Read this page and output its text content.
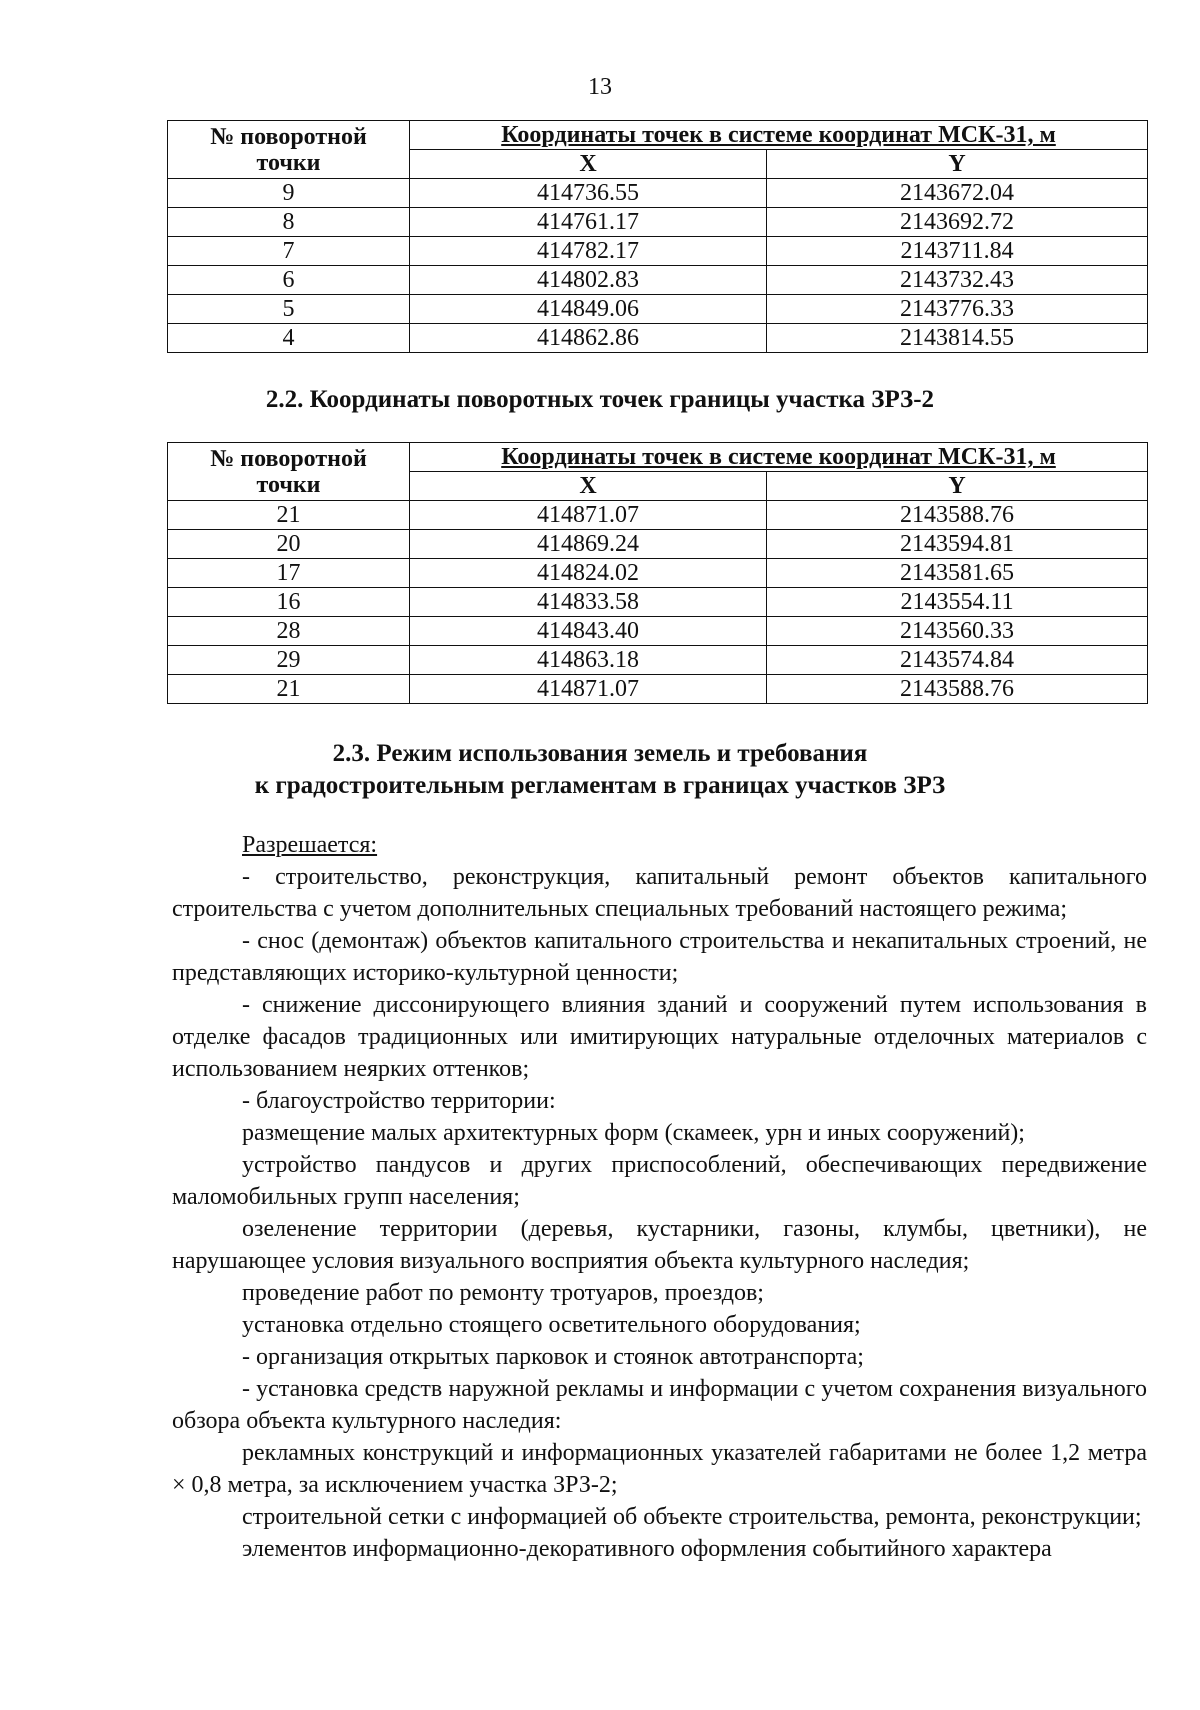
13
№ поворотной
точки	Координаты точек в системе координат МСК-31, м	
	X	Y
9	414736.55	2143672.04
8	414761.17	2143692.72
7	414782.17	2143711.84
6	414802.83	2143732.43
5	414849.06	2143776.33
4	414862.86	2143814.55
2.2. Координаты поворотных точек границы участка ЗРЗ-2
№ поворотной
точки	Координаты точек в системе координат МСК-31, м	
	X	Y
21	414871.07	2143588.76
20	414869.24	2143594.81
17	414824.02	2143581.65
16	414833.58	2143554.11
28	414843.40	2143560.33
29	414863.18	2143574.84
21	414871.07	2143588.76
2.3. Режим использования земель и требования
к градостроительным регламентам в границах участков ЗРЗ

Разрешается:

- строительство, реконструкция, капитальный ремонт объектов капитального строительства с учетом дополнительных специальных требований настоящего режима;

- снос (демонтаж) объектов капитального строительства и некапитальных строений, не представляющих историко-культурной ценности;

- снижение диссонирующего влияния зданий и сооружений путем использования в отделке фасадов традиционных или имитирующих натуральные отделочных материалов с использованием неярких оттенков;

- благоустройство территории:

размещение малых архитектурных форм (скамеек, урн и иных сооружений);

устройство пандусов и других приспособлений, обеспечивающих передвижение маломобильных групп населения;

озеленение территории (деревья, кустарники, газоны, клумбы, цветники), не нарушающее условия визуального восприятия объекта культурного наследия;

проведение работ по ремонту тротуаров, проездов;

установка отдельно стоящего осветительного оборудования;

- организация открытых парковок и стоянок автотранспорта;

- установка средств наружной рекламы и информации с учетом сохранения визуального обзора объекта культурного наследия:

рекламных конструкций и информационных указателей габаритами не более 1,2 метра × 0,8 метра, за исключением участка ЗРЗ-2;

строительной сетки с информацией об объекте строительства, ремонта, реконструкции;

элементов информационно-декоративного оформления событийного характера
